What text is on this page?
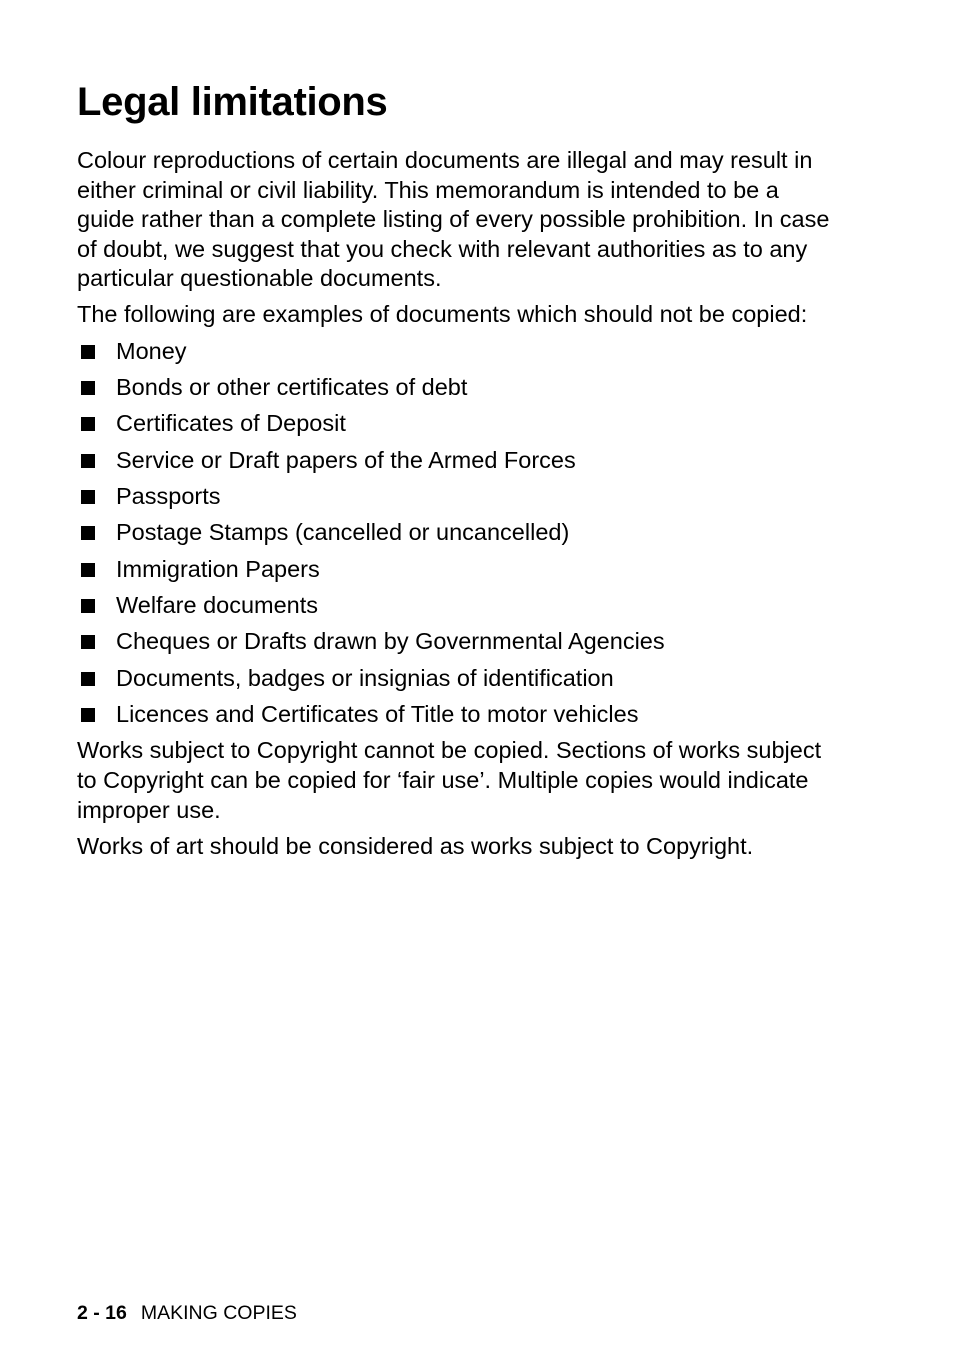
Legal limitations

Colour reproductions of certain documents are illegal and may result in either criminal or civil liability. This memorandum is intended to be a guide rather than a complete listing of every possible prohibition. In case of doubt, we suggest that you check with relevant authorities as to any particular questionable documents.

The following are examples of documents which should not be copied:

Money
Bonds or other certificates of debt
Certificates of Deposit
Service or Draft papers of the Armed Forces
Passports
Postage Stamps (cancelled or uncancelled)
Immigration Papers
Welfare documents
Cheques or Drafts drawn by Governmental Agencies
Documents, badges or insignias of identification
Licences and Certificates of Title to motor vehicles

Works subject to Copyright cannot be copied. Sections of works subject to Copyright can be copied for ‘fair use’. Multiple copies would indicate improper use.

Works of art should be considered as works subject to Copyright.

2 - 16 MAKING COPIES
